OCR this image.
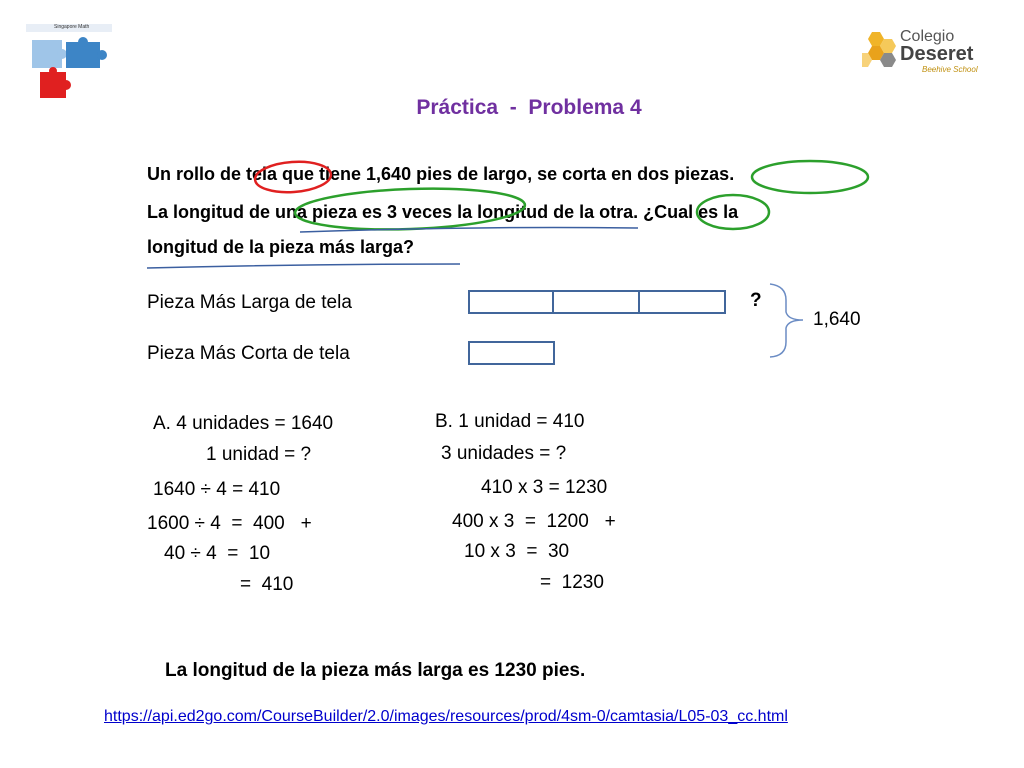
Singapore Math
Colegio
Deseret
Beehive School
Práctica  -  Problema 4
Un rollo de tela que tiene 1,640 pies de largo, se corta en dos piezas.
La longitud de una pieza es 3 veces la longitud de la otra. ¿Cual es la
longitud de la pieza más larga?
Pieza Más Larga de tela
Pieza Más Corta de tela
?
1,640
A. 4 unidades = 1640
1 unidad = ?
1640 ÷ 4 = 410
1600 ÷ 4  =  400   +
40 ÷ 4  =  10
=  410
B. 1 unidad = 410
3 unidades = ?
410 x 3 = 1230
400 x 3  =  1200   +
10 x 3  =  30
=  1230
La longitud de la pieza más larga es 1230 pies.
https://api.ed2go.com/CourseBuilder/2.0/images/resources/prod/4sm-0/camtasia/L05-03_cc.html
